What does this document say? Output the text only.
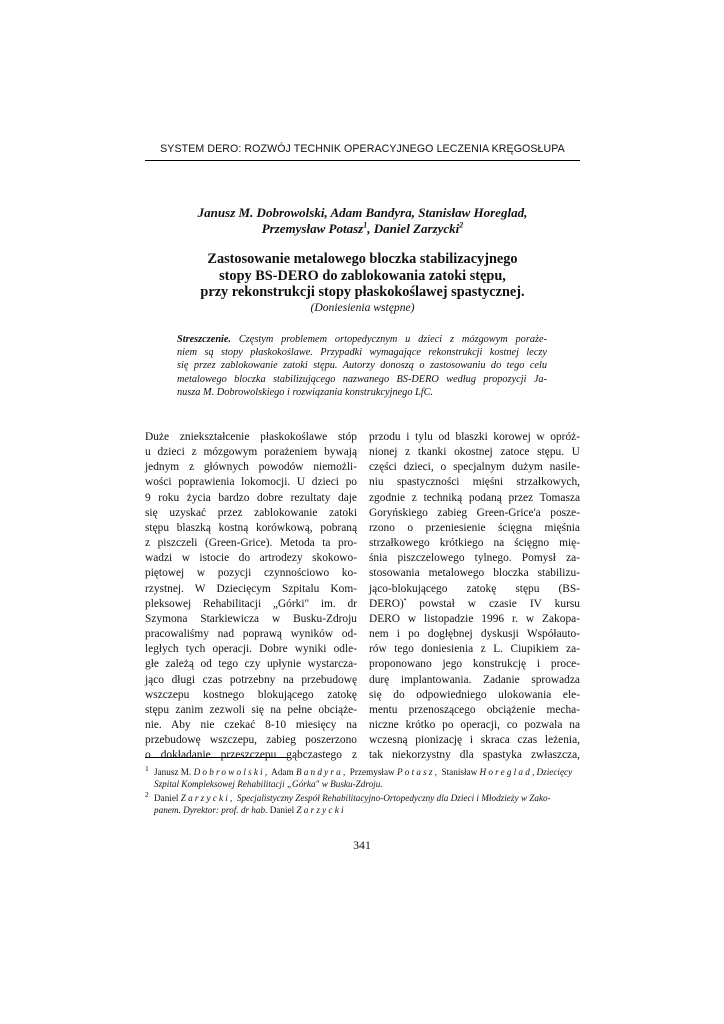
SYSTEM DERO: ROZWÓJ TECHNIK OPERACYJNEGO LECZENIA KRĘGOSŁUPA
Janusz M. Dobrowolski, Adam Bandyra, Stanisław Horeglad,
Przemysław Potasz$^1$, Daniel Zarzycki$^2$
Zastosowanie metalowego bloczka stabilizacyjnego
stopy BS-DERO do zablokowania zatoki stępu,
przy rekonstrukcji stopy płaskokoślawej spastycznej.
(Doniesienia wstępne)
Streszczenie. Częstym problemem ortopedycznym u dzieci z mózgowym poraże-
niem są stopy płaskokoślawe. Przypadki wymagające rekonstrukcji kostnej leczy
się przez zablokowanie zatoki stępu. Autorzy donoszą o zastosowaniu do tego celu
metalowego bloczka stabilizującego nazwanego BS-DERO według propozycji Ja-
nusza M. Dobrowolskiego i rozwiązania konstrukcyjnego LfC.
Duże zniekształcenie płaskokoślawe stóp
u dzieci z mózgowym porażeniem bywają
jednym z głównych powodów niemożli-
wości poprawienia lokomocji. U dzieci po
9 roku życia bardzo dobre rezultaty daje
się uzyskać przez zablokowanie zatoki
stępu blaszką kostną korówkową, pobraną
z piszczeli (Green-Grice). Metoda ta pro-
wadzi w istocie do artrodezy skokowo-
piętowej w pozycji czynnościowo ko-
rzystnej. W Dziecięcym Szpitalu Kom-
pleksowej Rehabilitacji „Górki" im. dr
Szymona Starkiewicza w Busku-Zdroju
pracowaliśmy nad poprawą wyników od-
ległych tych operacji. Dobre wyniki odle-
głe zależą od tego czy upłynie wystarcza-
jąco długi czas potrzebny na przebudowę
wszczepu kostnego blokującego zatokę
stępu zanim zezwoli się na pełne obciąże-
nie. Aby nie czekać 8-10 miesięcy na
przebudowę wszczepu, zabieg poszerzono
o dokładanie przeszczepu gąbczastego z
przodu i tylu od blaszki korowej w opróż-
nionej z tkanki okostnej zatoce stępu. U
części dzieci, o specjalnym dużym nasile-
niu spastyczności mięśni strzałkowych,
zgodnie z techniką podaną przez Tomasza
Goryńskiego zabieg Green-Grice'a posze-
rzono o przeniesienie ścięgna mięśnia
strzałkowego krótkiego na ścięgno mię-
śnia piszczelowego tylnego. Pomysł za-
stosowania metalowego bloczka stabilizu-
jąco-blokującego zatokę stępu (BS-
DERO)• powstał w czasie IV kursu
DERO w listopadzie 1996 r. w Zakopa-
nem i po dogłębnej dyskusji Współauto-
rów tego doniesienia z L. Ciupikiem za-
proponowano jego konstrukcję i proce-
durę implantowania. Zadanie sprowadza
się do odpowiedniego ulokowania ele-
mentu przenoszącego obciążenie mecha-
niczne krótko po operacji, co pozwala na
wczesną pionizację i skraca czas leżenia,
tak niekorzystny dla spastyka zwłaszcza,
1 Janusz M. Dobrowolski, Adam Bandyra, Przemysław Potasz, Stanisław Horeglad,Dziecięcy
Szpital Kompleksowej Rehabilitacji „Górka" w Busku-Zdroju.
2 Daniel Zarzycki, Specjalistyczny Zespół Rehabilitacyjno-Ortopedyczny dla Dzieci i Młodzieży w Zako-
panem. Dyrektor: prof. dr hab. Daniel Zarzycki
341
